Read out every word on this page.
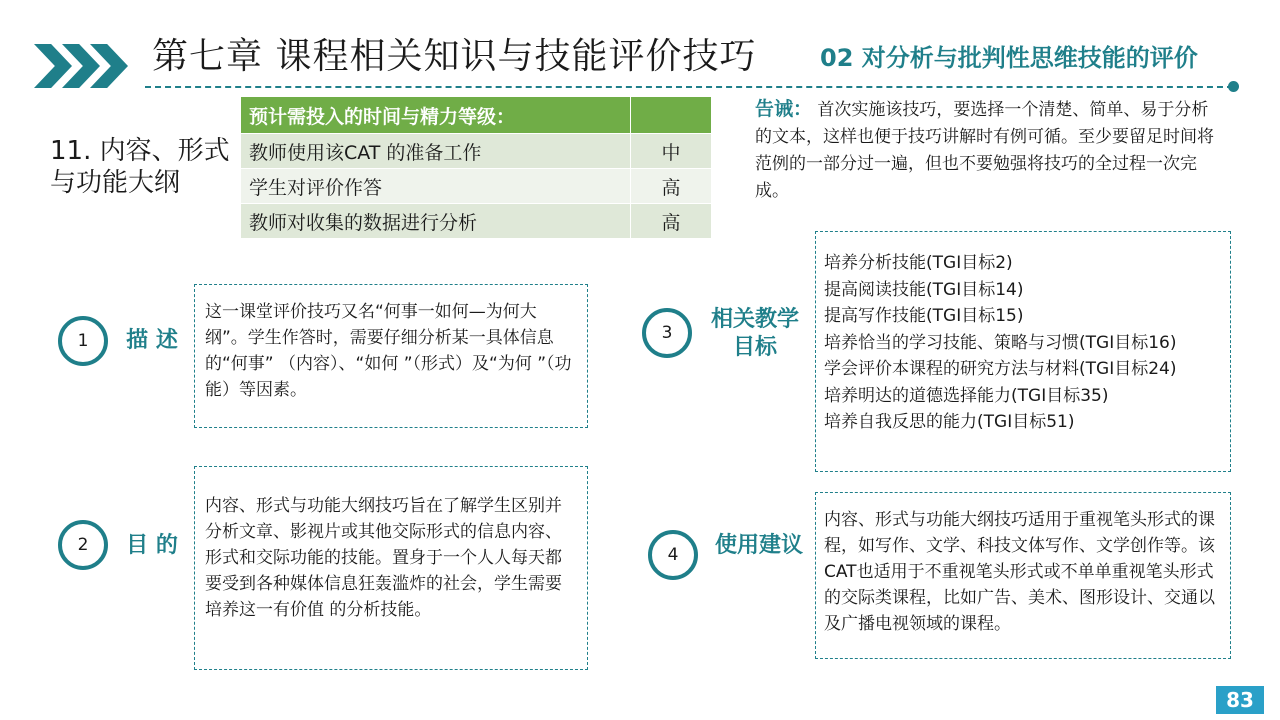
第七章 课程相关知识与技能评价技巧	02 对分析与批判性思维技能的评价
11. 内容、形式与功能大纲
预计需投入的时间与精力等级：	
教师使用该CAT 的准备工作	中
学生对评价作答	高
教师对收集的数据进行分析	高
告诫： 首次实施该技巧，要选择一个清楚、简单、易于分析的文本，这样也便于技巧讲解时有例可循。至少要留足时间将范例的一部分过一遍，但也不要勉强将技巧的全过程一次完成。
1	描 述
这一课堂评价技巧又名“何事一如何—为何大纲”。学生作答时，需要仔细分析某一具体信息的“何事” （内容）、“如何 ”（形式）及“为何 ”（功能）等因素。
2	目 的
内容、形式与功能大纲技巧旨在了解学生区别并分析文章、影视片或其他交际形式的信息内容、形式和交际功能的技能。置身于一个人人每天都要受到各种媒体信息狂轰滥炸的社会，学生需要培养这一有价值 的分析技能。
3
相关教学
目标
培养分析技能(TGI目标2)
提高阅读技能(TGI目标14)
提高写作技能(TGI目标15)
培养恰当的学习技能、策略与习惯(TGI目标16)
学会评价本课程的研究方法与材料(TGI目标24)
培养明达的道德选择能力(TGI目标35)
培养自我反思的能力(TGI目标51)
4	使用建议
内容、形式与功能大纲技巧适用于重视笔头形式的课程，如写作、文学、科技文体写作、文学创作等。该CAT也适用于不重视笔头形式或不单单重视笔头形式的交际类课程，比如广告、美术、图形设计、交通以及广播电视领域的课程。
83
